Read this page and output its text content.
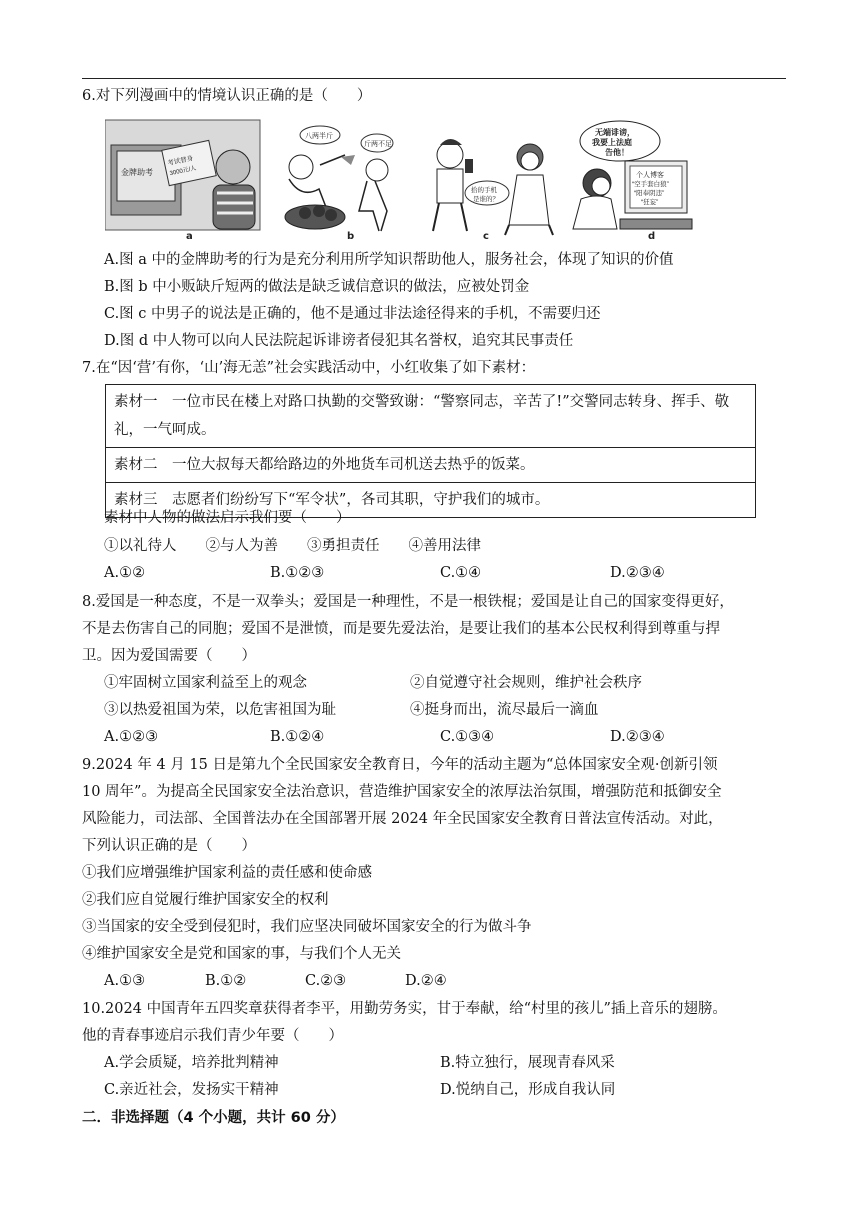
6.对下列漫画中的情境认识正确的是（　　）
金牌助考
考试替身
3000元/人
八两半斤
斤两不足
拾的手机
是谁的？
无端诽谤，
我要上法庭
告他！
个人博客
“空手套白狼”
“阳奉阴违”
“狂妄”
a	b	c	d
A.图 a 中的金牌助考的行为是充分利用所学知识帮助他人，服务社会，体现了知识的价值
B.图 b 中小贩缺斤短两的做法是缺乏诚信意识的做法，应被处罚金
C.图 c 中男子的说法是正确的，他不是通过非法途径得来的手机，不需要归还
D.图 d 中人物可以向人民法院起诉诽谤者侵犯其名誉权，追究其民事责任
7.在“因‘营’有你，‘山’海无恙”社会实践活动中，小红收集了如下素材：
素材一　一位市民在楼上对路口执勤的交警致谢：“警察同志，辛苦了!”交警同志转身、挥手、敬礼，一气呵成。
素材二　一位大叔每天都给路边的外地货车司机送去热乎的饭菜。
素材三　志愿者们纷纷写下“军令状”，各司其职，守护我们的城市。
素材中人物的做法启示我们要（　　）
①以礼待人　　②与人为善　　③勇担责任　　④善用法律
A.①②	B.①②③	C.①④	D.②③④
8.爱国是一种态度，不是一双拳头；爱国是一种理性，不是一根铁棍；爱国是让自己的国家变得更好，
不是去伤害自己的同胞；爱国不是泄愤，而是要先爱法治，是要让我们的基本公民权利得到尊重与捍
卫。因为爱国需要（　　）
①牢固树立国家利益至上的观念	②自觉遵守社会规则，维护社会秩序
③以热爱祖国为荣，以危害祖国为耻	④挺身而出，流尽最后一滴血
A.①②③	B.①②④	C.①③④	D.②③④
9.2024 年 4 月 15 日是第九个全民国家安全教育日，今年的活动主题为“总体国家安全观·创新引领
10 周年”。为提高全民国家安全法治意识，营造维护国家安全的浓厚法治氛围，增强防范和抵御安全
风险能力，司法部、全国普法办在全国部署开展 2024 年全民国家安全教育日普法宣传活动。对此，
下列认识正确的是（　　）
①我们应增强维护国家利益的责任感和使命感
②我们应自觉履行维护国家安全的权利
③当国家的安全受到侵犯时，我们应坚决同破坏国家安全的行为做斗争
④维护国家安全是党和国家的事，与我们个人无关
A.①③	B.①②	C.②③	D.②④
10.2024 中国青年五四奖章获得者李平，用勤劳务实，甘于奉献，给“村里的孩儿”插上音乐的翅膀。
他的青春事迹启示我们青少年要（　　）
A.学会质疑，培养批判精神	B.特立独行，展现青春风采
C.亲近社会，发扬实干精神	D.悦纳自己，形成自我认同
二．非选择题（4 个小题，共计 60 分）
